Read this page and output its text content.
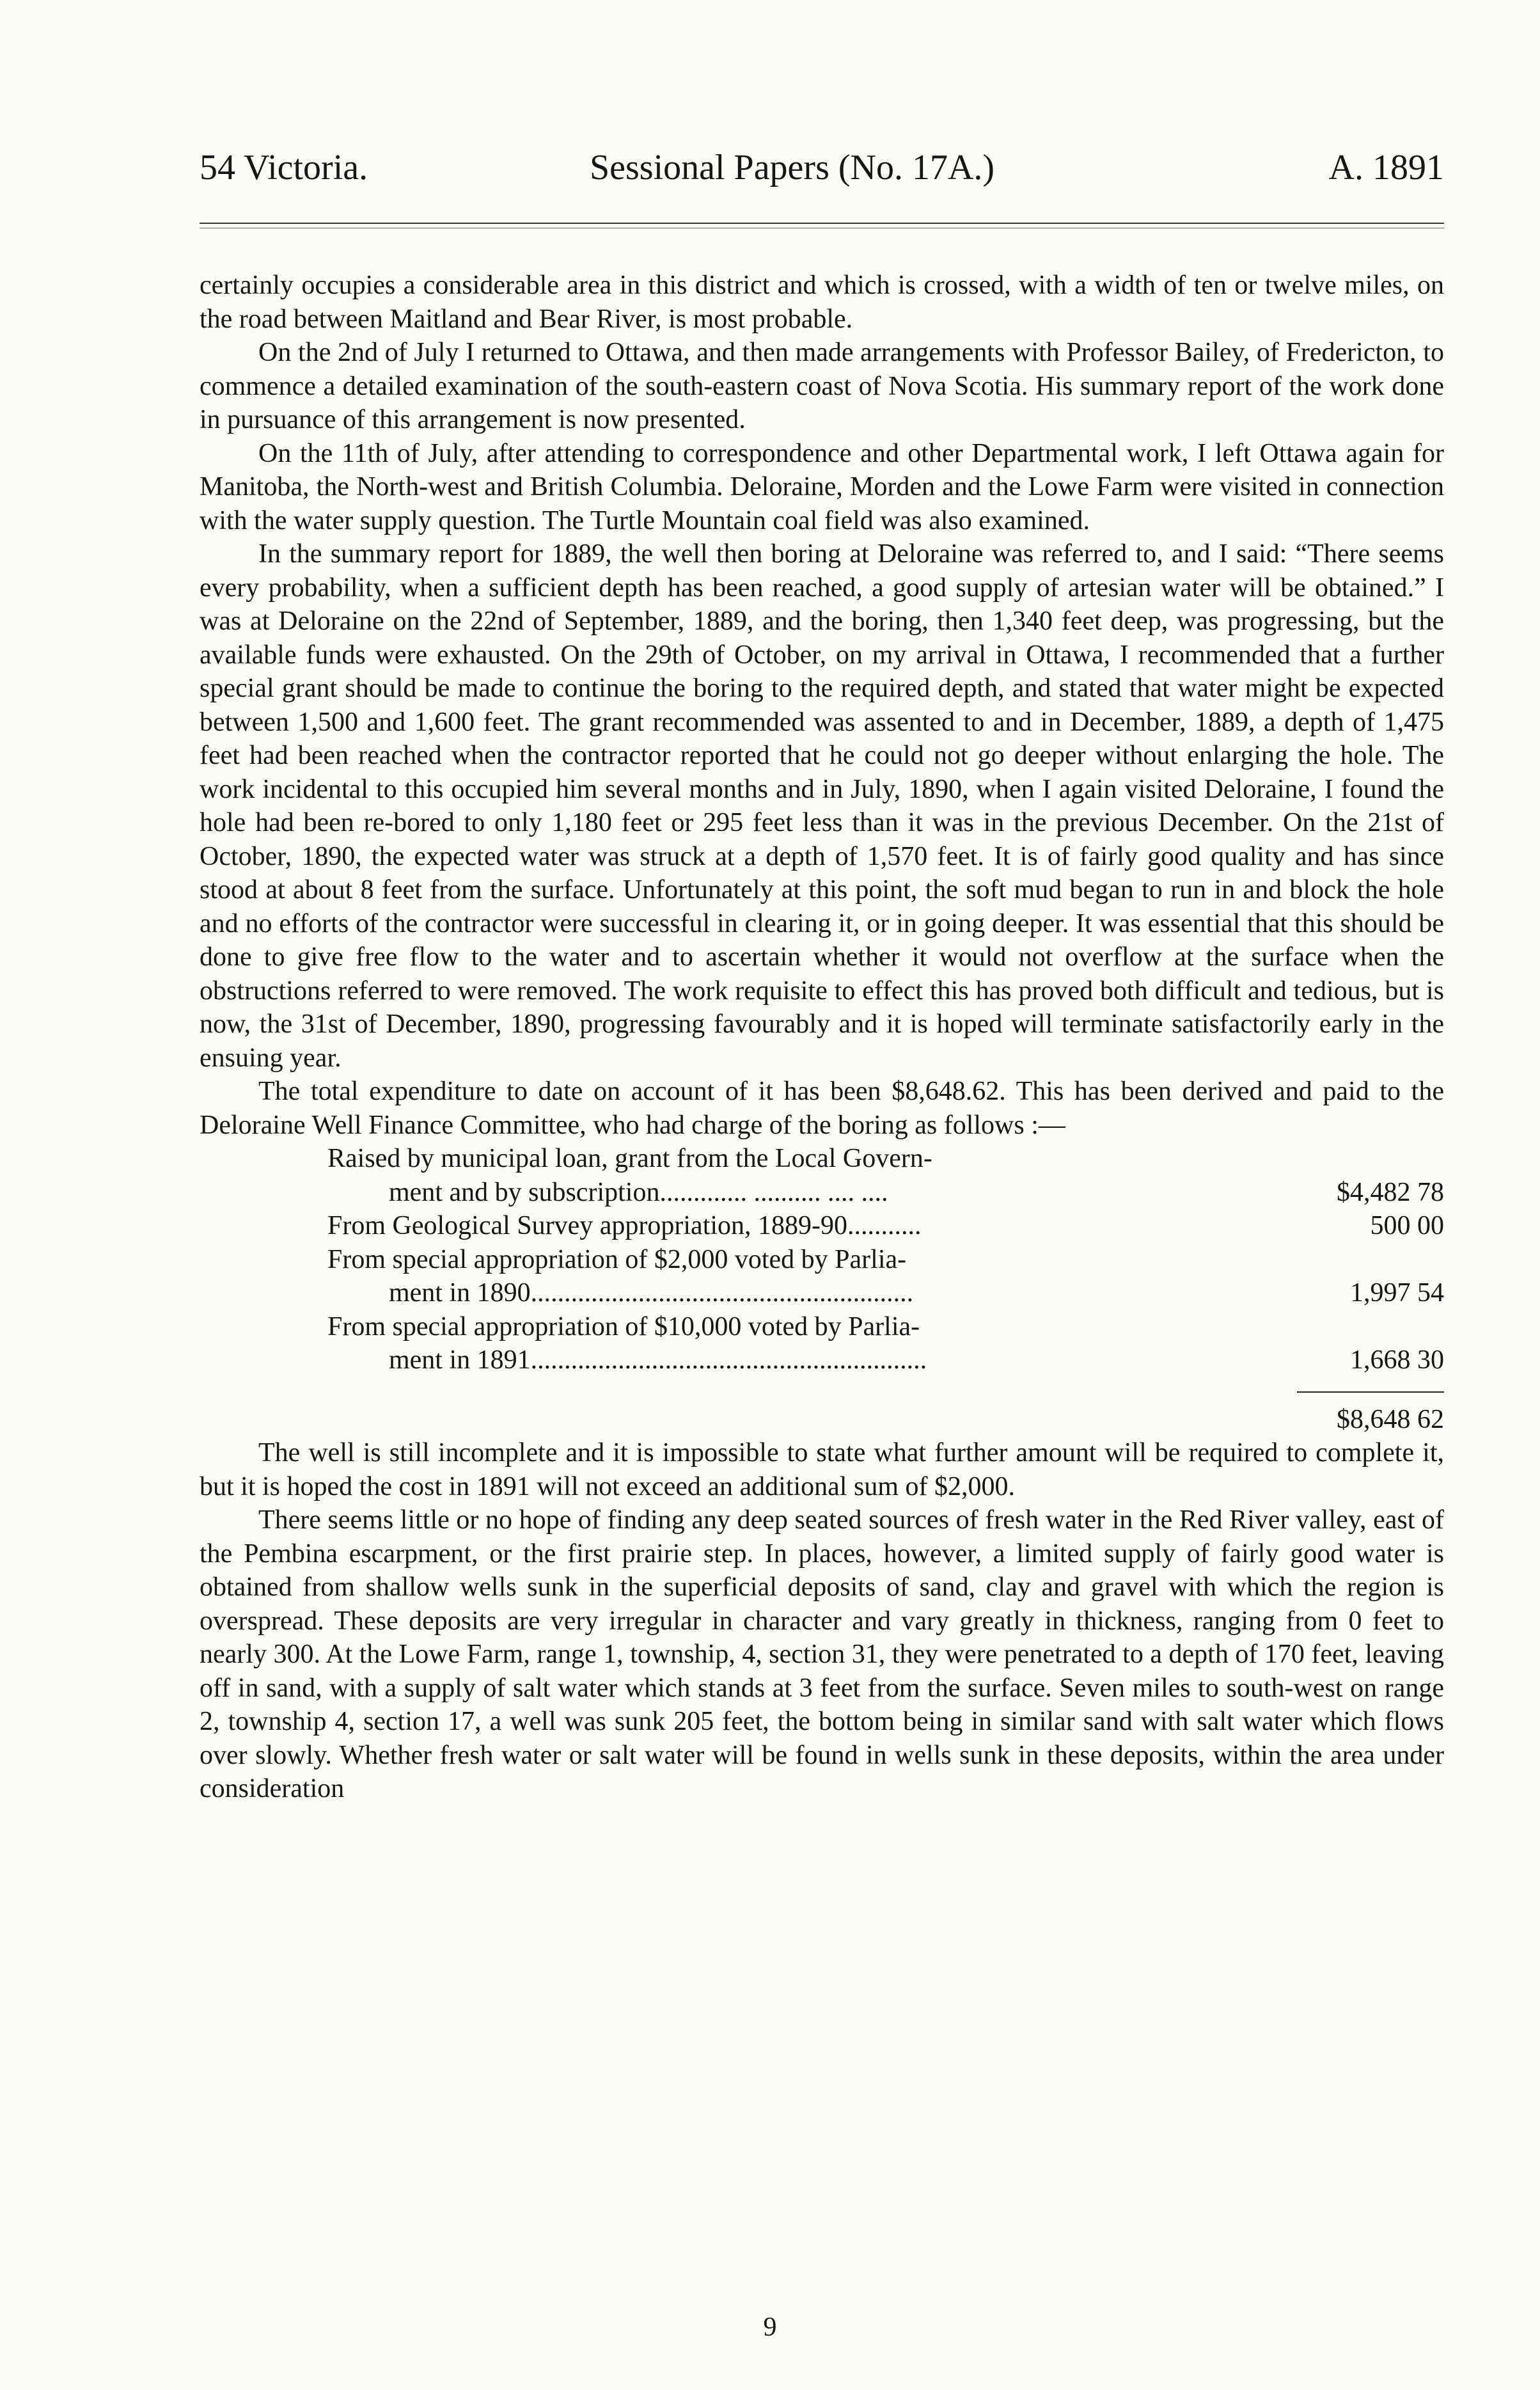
54 Victoria.	Sessional Papers (No. 17A.)	A. 1891

certainly occupies a considerable area in this district and which is crossed, with a width of ten or twelve miles, on the road between Maitland and Bear River, is most probable.

On the 2nd of July I returned to Ottawa, and then made arrangements with Professor Bailey, of Fredericton, to commence a detailed examination of the south-eastern coast of Nova Scotia. His summary report of the work done in pursuance of this arrangement is now presented.

On the 11th of July, after attending to correspondence and other Departmental work, I left Ottawa again for Manitoba, the North-west and British Columbia. Deloraine, Morden and the Lowe Farm were visited in connection with the water supply question. The Turtle Mountain coal field was also examined.

In the summary report for 1889, the well then boring at Deloraine was referred to, and I said: “There seems every probability, when a sufficient depth has been reached, a good supply of artesian water will be obtained.” I was at Deloraine on the 22nd of September, 1889, and the boring, then 1,340 feet deep, was progressing, but the available funds were exhausted. On the 29th of October, on my arrival in Ottawa, I recommended that a further special grant should be made to continue the boring to the required depth, and stated that water might be expected between 1,500 and 1,600 feet. The grant recommended was assented to and in December, 1889, a depth of 1,475 feet had been reached when the contractor reported that he could not go deeper without enlarging the hole. The work incidental to this occupied him several months and in July, 1890, when I again visited Deloraine, I found the hole had been re-bored to only 1,180 feet or 295 feet less than it was in the previous December. On the 21st of October, 1890, the expected water was struck at a depth of 1,570 feet. It is of fairly good quality and has since stood at about 8 feet from the surface. Unfortunately at this point, the soft mud began to run in and block the hole and no efforts of the contractor were successful in clearing it, or in going deeper. It was essential that this should be done to give free flow to the water and to ascertain whether it would not overflow at the surface when the obstructions referred to were removed. The work requisite to effect this has proved both difficult and tedious, but is now, the 31st of December, 1890, progressing favourably and it is hoped will terminate satisfactorily early in the ensuing year.

The total expenditure to date on account of it has been $8,648.62. This has been derived and paid to the Deloraine Well Finance Committee, who had charge of the boring as follows :—

Raised by municipal loan, grant from the Local Govern-
ment and by subscription............. .......... .... ....	$4,482 78
From Geological Survey appropriation, 1889-90...........	500 00
From special appropriation of $2,000 voted by Parlia-
ment in 1890.........................................................	1,997 54
From special appropriation of $10,000 voted by Parlia-
ment in 1891...........................................................	1,668 30
$8,648 62

The well is still incomplete and it is impossible to state what further amount will be required to complete it, but it is hoped the cost in 1891 will not exceed an additional sum of $2,000.

There seems little or no hope of finding any deep seated sources of fresh water in the Red River valley, east of the Pembina escarpment, or the first prairie step. In places, however, a limited supply of fairly good water is obtained from shallow wells sunk in the superficial deposits of sand, clay and gravel with which the region is overspread. These deposits are very irregular in character and vary greatly in thickness, ranging from 0 feet to nearly 300. At the Lowe Farm, range 1, township, 4, section 31, they were penetrated to a depth of 170 feet, leaving off in sand, with a supply of salt water which stands at 3 feet from the surface. Seven miles to south-west on range 2, township 4, section 17, a well was sunk 205 feet, the bottom being in similar sand with salt water which flows over slowly. Whether fresh water or salt water will be found in wells sunk in these deposits, within the area under consideration

9
